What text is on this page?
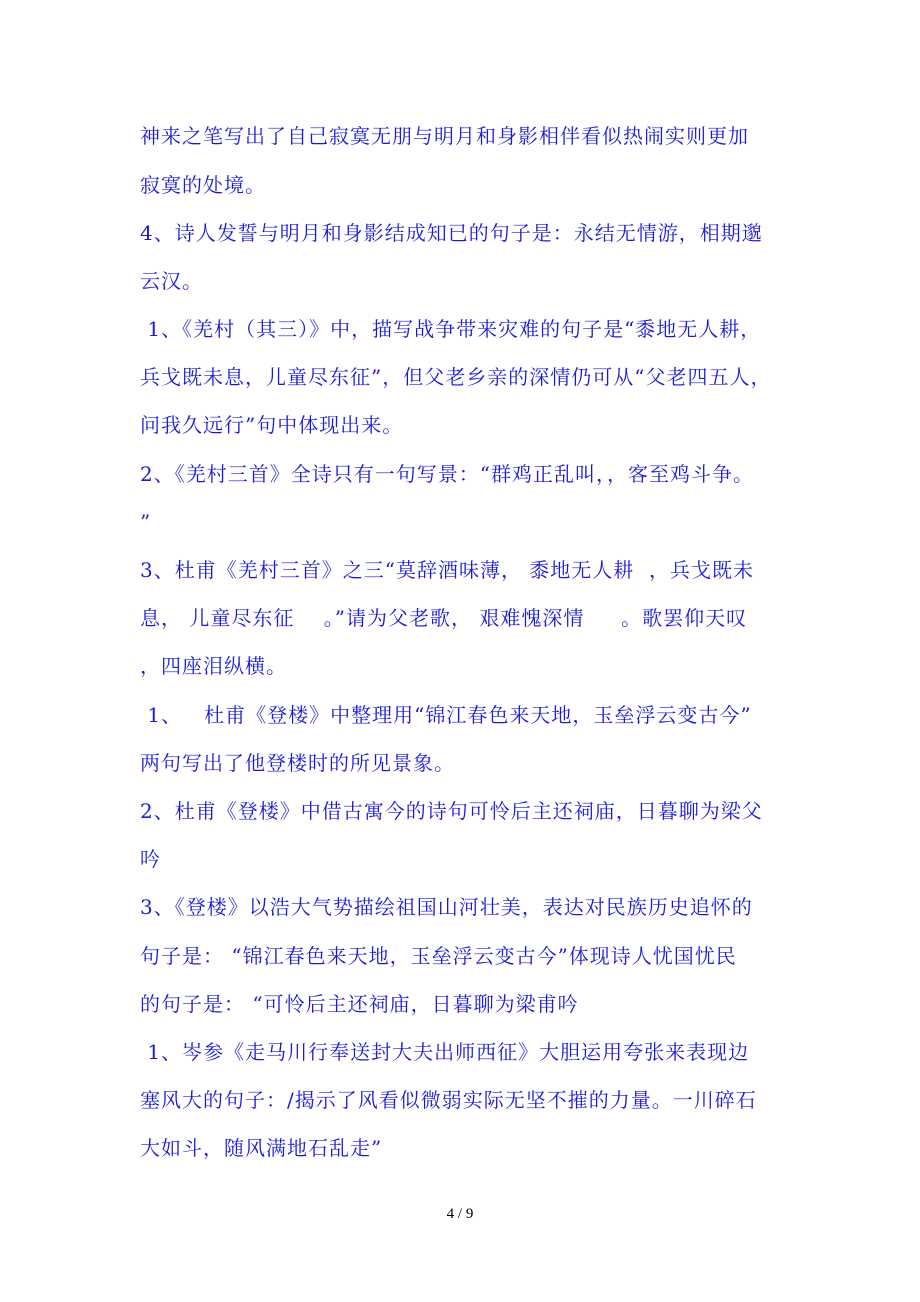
神来之笔写出了自己寂寞无朋与明月和身影相伴看似热闹实则更加
寂寞的处境。
4、诗人发誓与明月和身影结成知已的句子是：永结无情游，相期邈
云汉。
1、《羌村（其三）》中，描写战争带来灾难的句子是“黍地无人耕，
兵戈既未息，儿童尽东征”，但父老乡亲的深情仍可从“父老四五人，
问我久远行”句中体现出来。
2、《羌村三首》全诗只有一句写景：“群鸡正乱叫，，客至鸡斗争。
”
3、杜甫《羌村三首》之三“莫辞酒味薄， 黍地无人耕  ，兵戈既未
息， 儿童尽东征    。”请为父老歌， 艰难愧深情     。歌罢仰天叹
，四座泪纵横。
1、   杜甫《登楼》中整理用“锦江春色来天地，玉垒浮云变古今”
两句写出了他登楼时的所见景象。
2、杜甫《登楼》中借古寓今的诗句可怜后主还祠庙，日暮聊为梁父
吟
3、《登楼》以浩大气势描绘祖国山河壮美，表达对民族历史追怀的
句子是： “锦江春色来天地，玉垒浮云变古今”体现诗人忧国忧民
的句子是： “可怜后主还祠庙，日暮聊为梁甫吟
1、岑参《走马川行奉送封大夫出师西征》大胆运用夸张来表现边
塞风大的句子：/揭示了风看似微弱实际无坚不摧的力量。一川碎石
大如斗，随风满地石乱走”
4 / 9
